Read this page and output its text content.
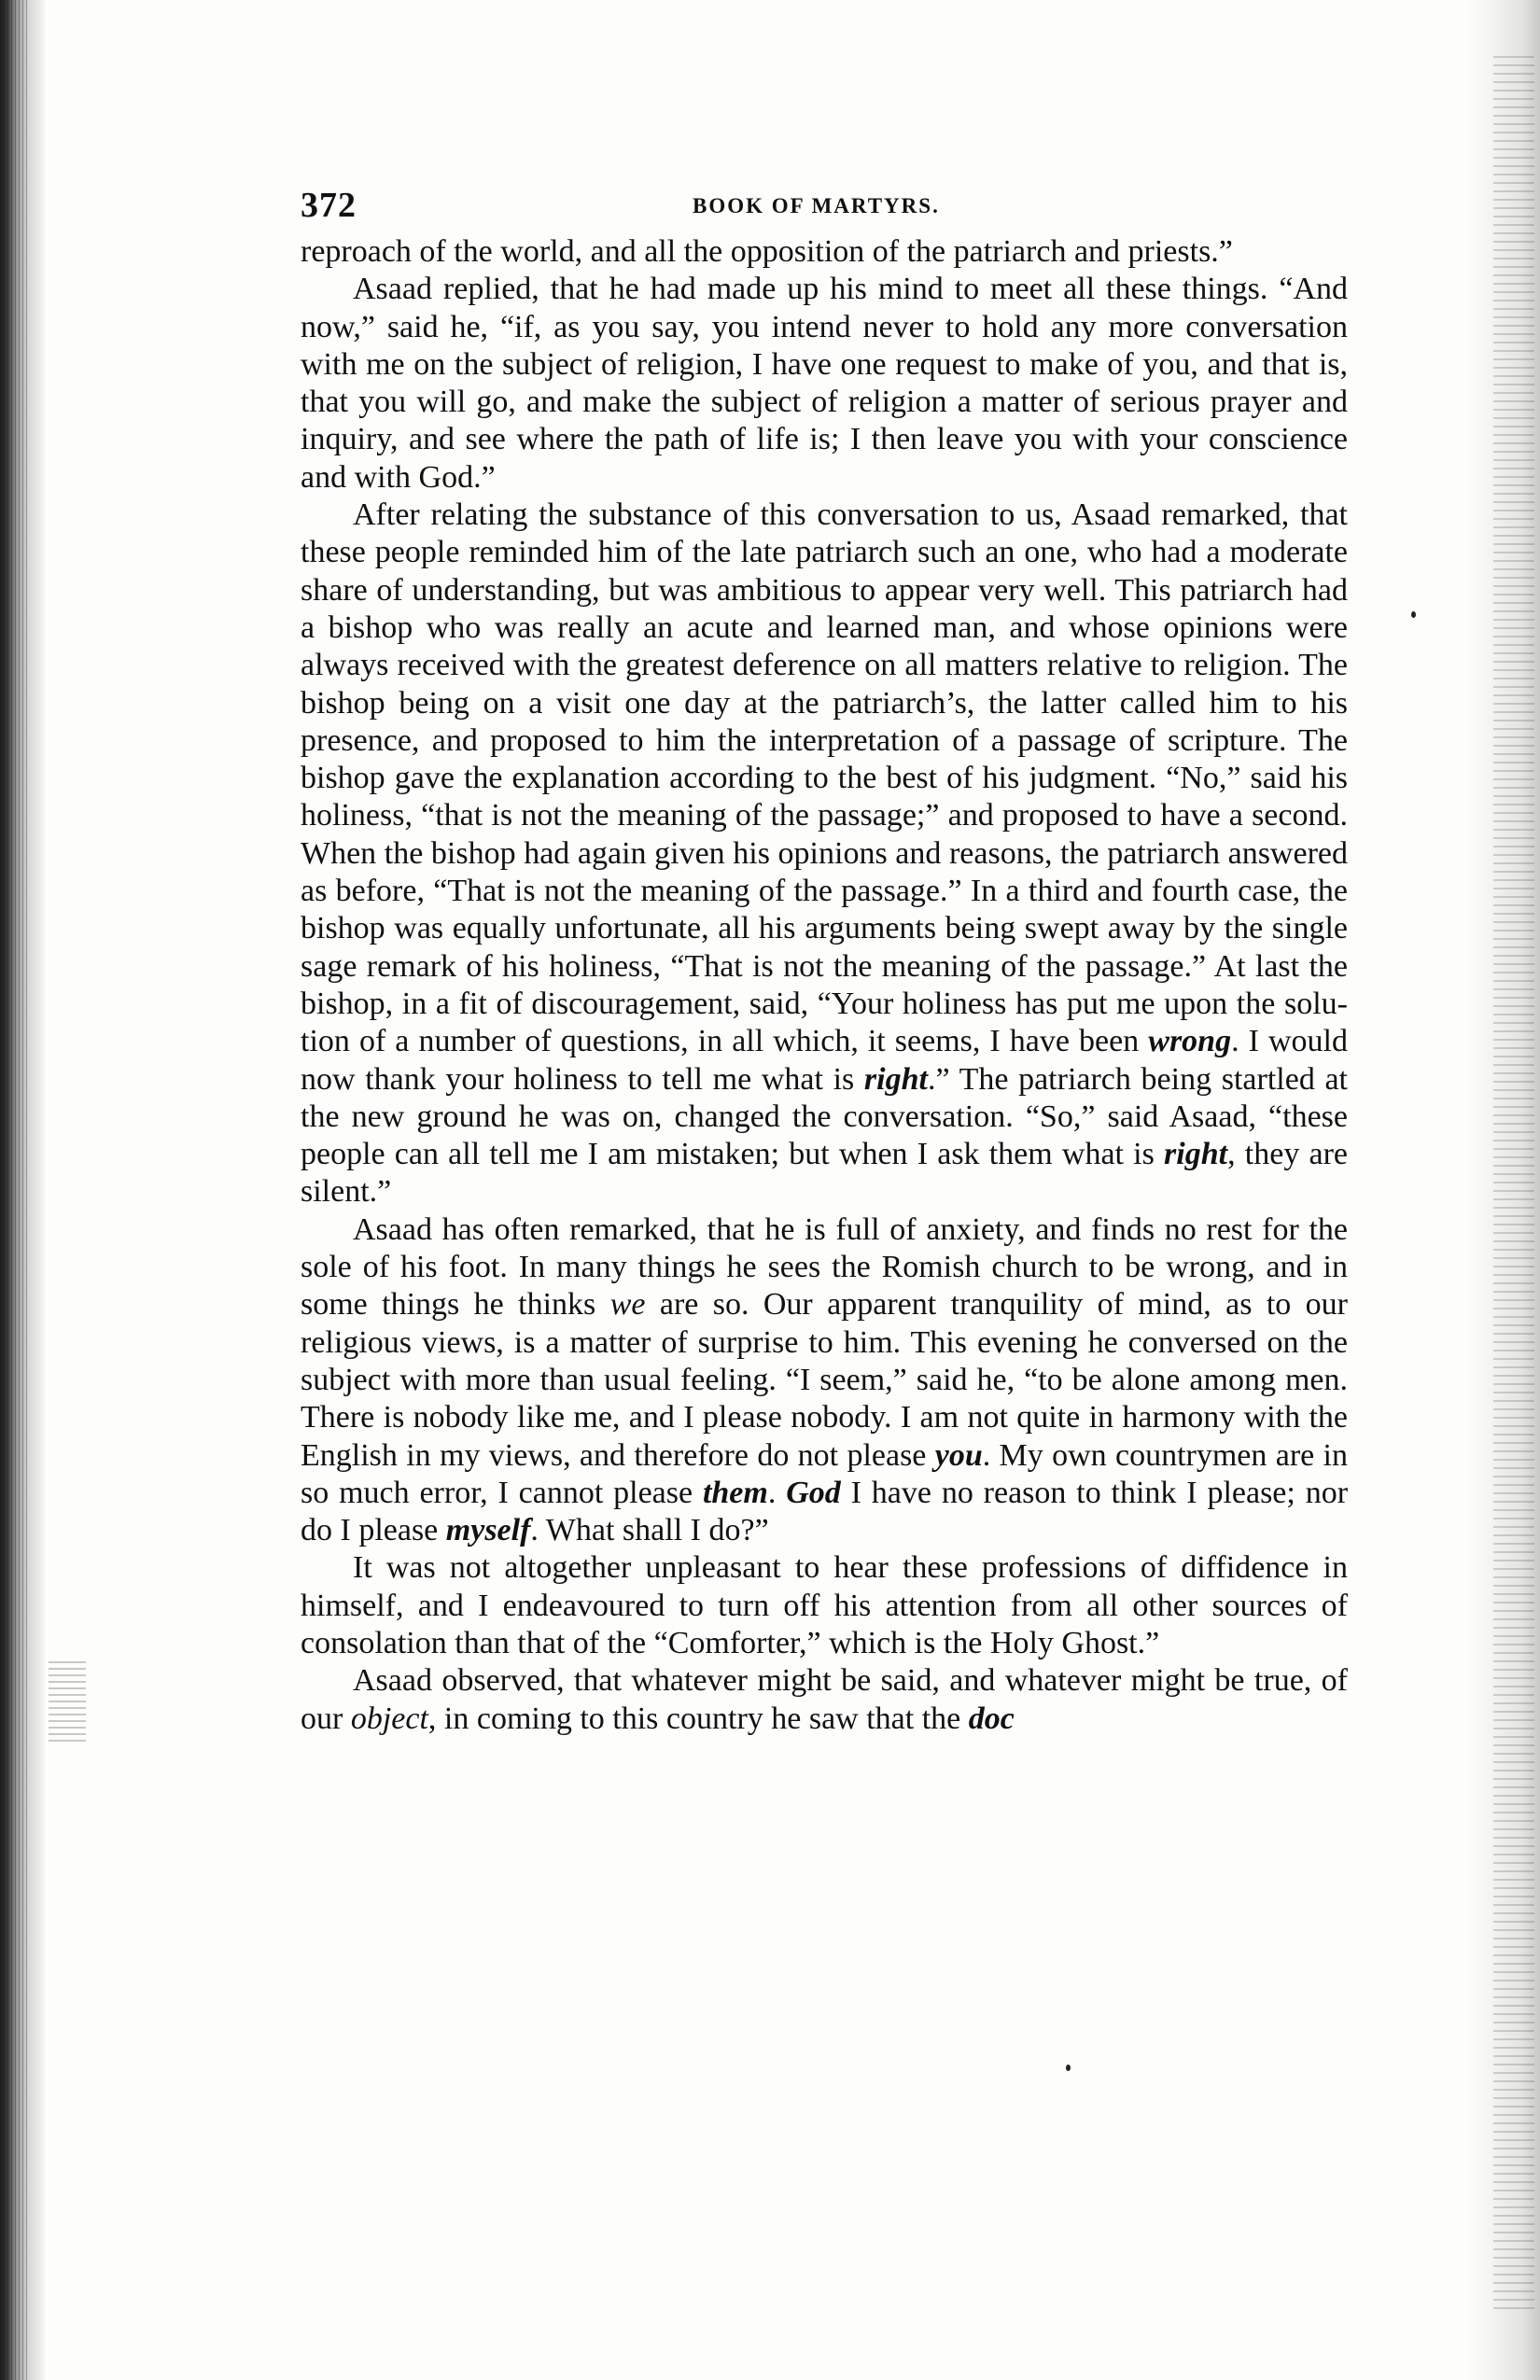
372	BOOK OF MARTYRS.

reproach of the world, and all the opposition of the patriarch and priests.”

Asaad replied, that he had made up his mind to meet all these things. “And now,” said he, “if, as you say, you intend never to hold any more conversation with me on the subject of religion, I have one request to make of you, and that is, that you will go, and make the subject of religion a matter of serious prayer and inquiry, and see where the path of life is; I then leave you with your conscience and with God.”

After relating the substance of this conversation to us, Asaad remarked, that these people reminded him of the late patriarch such an one, who had a moderate share of understanding, but was ambitious to appear very well. This patriarch had a bishop who was really an acute and learned man, and whose opinions were always received with the greatest deference on all matters relative to religion. The bishop being on a visit one day at the patriarch’s, the latter called him to his presence, and proposed to him the interpretation of a passage of scripture. The bishop gave the explanation according to the best of his judgment. “No,” said his holiness, “that is not the meaning of the passage;” and proposed to have a second. When the bishop had again given his opinions and reasons, the patriarch answered as before, “That is not the meaning of the passage.” In a third and fourth case, the bishop was equally unfortunate, all his arguments being swept away by the single sage remark of his holiness, “That is not the meaning of the passage.” At last the bishop, in a fit of discouragement, said, “Your holiness has put me upon the solution of a number of questions, in all which, it seems, I have been wrong. I would now thank your holiness to tell me what is right.” The patriarch being startled at the new ground he was on, changed the conversation. “So,” said Asaad, “these people can all tell me I am mistaken; but when I ask them what is right, they are silent.”

Asaad has often remarked, that he is full of anxiety, and finds no rest for the sole of his foot. In many things he sees the Romish church to be wrong, and in some things he thinks we are so. Our apparent tranquility of mind, as to our religious views, is a matter of surprise to him. This evening he conversed on the subject with more than usual feeling. “I seem,” said he, “to be alone among men. There is nobody like me, and I please nobody. I am not quite in harmony with the English in my views, and therefore do not please you. My own countrymen are in so much error, I cannot please them. God I have no reason to think I please; nor do I please myself. What shall I do?”

It was not altogether unpleasant to hear these professions of diffidence in himself, and I endeavoured to turn off his attention from all other sources of consolation than that of the “Comforter,” which is the Holy Ghost.”

Asaad observed, that whatever might be said, and whatever might be true, of our object, in coming to this country he saw that the doc
